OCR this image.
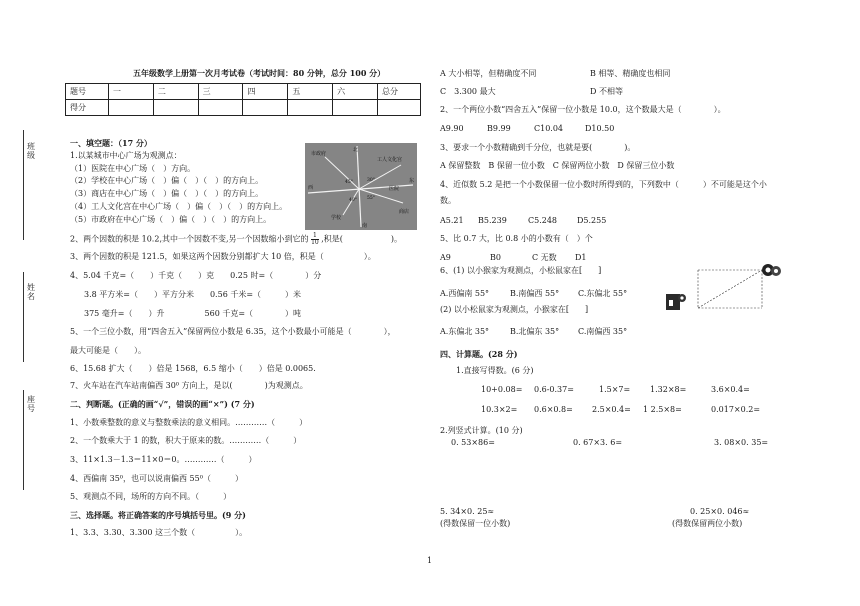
班级
姓名
座号
五年级数学上册第一次月考试卷（考试时间：80 分钟，总分 100 分）
题号	一	二	三	四	五	六	总分
得分							
一、填空题：（17 分）
1.以某城市中心广场为观测点：
（1）医院在中心广场（　）方向。
（2）学校在中心广场（　）偏（　）（　）的方向上。
（3）商店在中心广场（　）偏（　）（　）的方向上。
（4）工人文化宫在中心广场（　）偏（　）（　）的方向上。
（5）市政府在中心广场（　）偏（　）（　）的方向上。
市政府
工人文化宫
医院
学校
商店
北
南
西
东
45°	30°
55°
40°
2、两个因数的积是 10.2,其中一个因数不变,另一个因数缩小到它的 $\frac{1}{10}$ ,积是(　　　　　　)。
3、两个因数的积是 121.5，如果这两个因数分别都扩大 10 倍，积是（　　　　　）。
4、5.04 千克=（　　）千克（　　）克　　0.25 时=（　　　　）分
3.8 平方米=（　　）平方分米　　0.56 千米=（　　　）米
375 毫升=（　　）升　　　　　560 千克=（　　　　）吨
5、一个三位小数，用“四舍五入”保留两位小数是 6.35，这个小数最小可能是（　　　　），
最大可能是（　　）。
6、15.68 扩大（　　）倍是 1568，6.5 缩小（　　）倍是 0.0065.
7、火车站在汽车站南偏西 30⁰ 方向上，是以(　　　　)为观测点。
二、判断题。(正确的画“√”，错误的画“×”) (7 分)
1、小数乘整数的意义与整数乘法的意义相同。…………（　　　）
2、一个数乘大于 1 的数，积大于原来的数。…………（　　　）
3、11×1.3－1.3＝11×0＝0。…………（　　　）
4、西偏南 35⁰，也可以说南偏西 55⁰（　　　）
5、观测点不同，场所的方向不同。（　　　）
三、选择题。将正确答案的序号填括号里。(9 分)
1、3.3、3.30、3.300 这三个数（　　　　　）。
A 大小相等，但精确度不同	B 相等、精确度也相同
C　3.300 最大	D 不相等
2、一个两位小数“四舍五入”保留一位小数是 10.0，这个数最大是（　　　　）。
A9.90	B9.99	C10.04	D10.50
3、要求一个小数精确到千分位，也就是要(　　　　)。
A 保留整数　B 保留一位小数　C 保留两位小数　D 保留三位小数
4、近似数 5.2 是把一个小数保留一位小数时所得到的，下列数中（　　　）不可能是这个小
数。
A5.21 B5.239	C5.248 D5.255
5、比 0.7 大，比 0.8 小的小数有（　）个
A9	B0	C 无数 D1
6、(1) 以小猴家为观测点，小松鼠家在[　　]
A.西偏南 55°	B.南偏西 55° C.东偏北 55°
(2) 以小松鼠家为观测点，小猴家在[　　]
A.东偏北 35°	B.北偏东 35° C.南偏西 35°
四、计算题。(28 分)
1.直接写得数。(6 分)
10+0.08= 0.6-0.37=	1.5×7= 1.32×8=	3.6×0.4=
10.3×2= 0.6×0.8= 2.5×0.4= 1 2.5×8=	0.017×0.2=
2.列竖式计算。(10 分)
0. 53×86=	0. 67×3. 6=	3. 08×0. 35=
5. 34×0. 25≈	0. 25×0. 046≈
(得数保留一位小数)	(得数保留两位小数)
1
